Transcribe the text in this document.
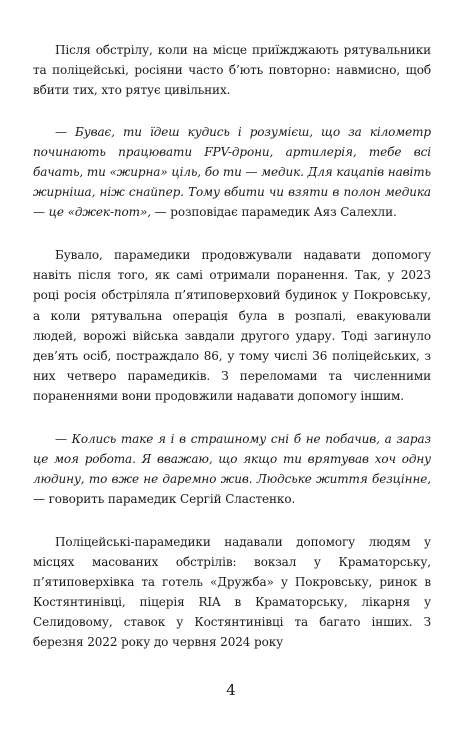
Після обстрілу, коли на місце приїжджають рятувальники та поліцейські, росіяни часто б’ють повторно: навмисно, щоб вбити тих, хто рятує цивільних.

— Буває, ти їдеш кудись і розумієш, що за кілометр починають працювати FPV-дрони, артилерія, тебе всі бачать, ти «жирна» ціль, бо ти — медик. Для кацапів навіть жирніша, ніж снайпер. Тому вбити чи взяти в полон медика — це «джек-пот», — розповідає парамедик Аяз Салехли.

Бувало, парамедики продовжували надавати допомогу навіть після того, як самі отримали поранення. Так, у 2023 році росія обстріляла п’ятиповерховий будинок у Покровську, а коли рятувальна операція була в розпалі, евакуювали людей, ворожі війська завдали другого удару. Тоді загинуло дев’ять осіб, постраждало 86, у тому числі 36 поліцейських, з них четверо парамедиків. З переломами та численними пораненнями вони продовжили надавати допомогу іншим.

— Колись таке я і в страшному сні б не побачив, а зараз це моя робота. Я вважаю, що якщо ти врятував хоч одну людину, то вже не даремно жив. Людське життя безцінне, — говорить парамедик Сергій Сластенко.

Поліцейські-парамедики надавали допомогу людям у місцях масованих обстрілів: вокзал у Краматорську, п’ятиповерхівка та готель «Дружба» у Покровську, ринок в Костянтинівці, піцерія RIA в Краматорську, лікарня у Селидовому, ставок у Костянтинівці та багато інших. З березня 2022 року до червня 2024 року

4
